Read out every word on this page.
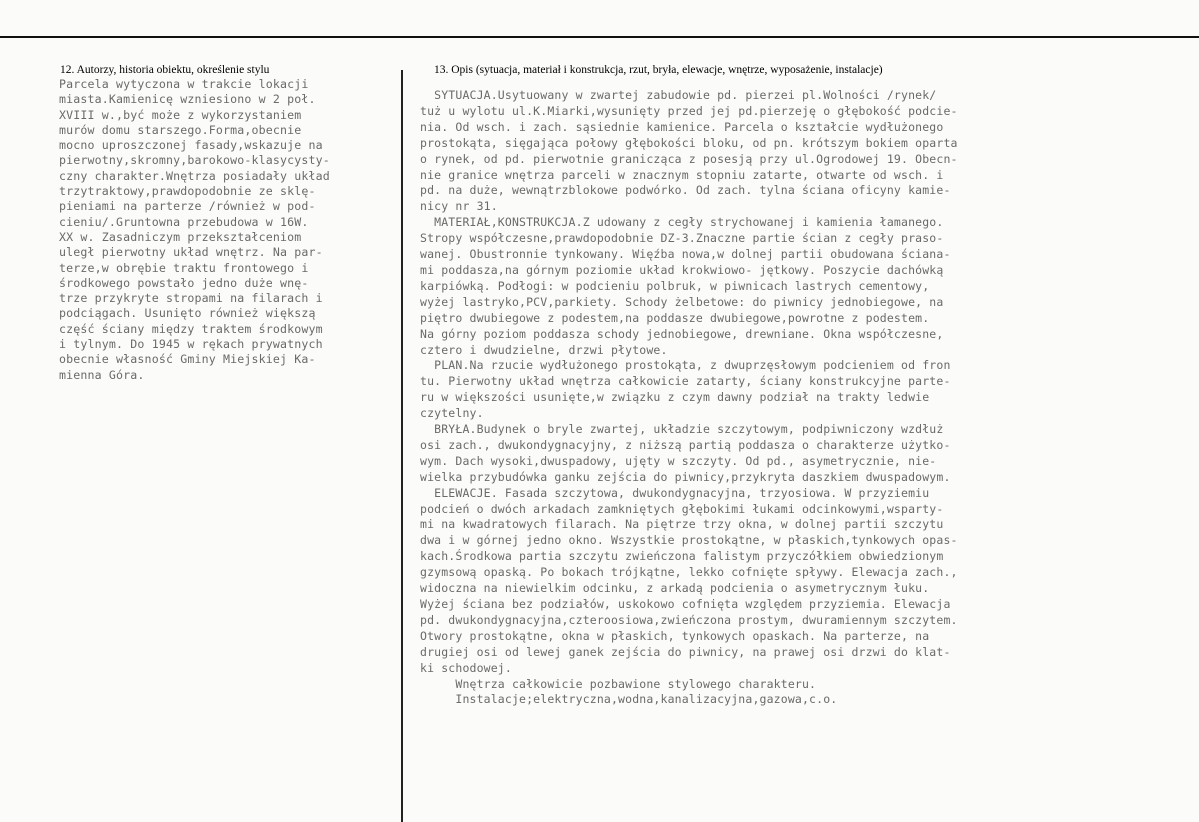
12. Autorzy, historia obiektu, określenie stylu	13. Opis (sytuacja, materiał i konstrukcja, rzut, bryła, elewacje, wnętrze, wyposażenie, instalacje)
Parcela wytyczona w trakcie lokacji
miasta.Kamienicę wzniesiono w 2 poł.
XVIII w.,być może z wykorzystaniem
murów domu starszego.Forma,obecnie
mocno uproszczonej fasady,wskazuje na
pierwotny,skromny,barokowo-klasycysty-
czny charakter.Wnętrza posiadały układ
trzytraktowy,prawdopodobnie ze sklę-
pieniami na parterze /również w pod-
cieniu/.Gruntowna przebudowa w 16W.
XX w. Zasadniczym przekształceniom
uległ pierwotny układ wnętrz. Na par-
terze,w obrębie traktu frontowego i
środkowego powstało jedno duże wnę-
trze przykryte stropami na filarach i
podciągach. Usunięto również większą
część ściany między traktem środkowym
i tylnym. Do 1945 w rękach prywatnych
obecnie własność Gminy Miejskiej Ka-
mienna Góra.
SYTUACJA.Usytuowany w zwartej zabudowie pd. pierzei pl.Wolności /rynek/
tuż u wylotu ul.K.Miarki,wysunięty przed jej pd.pierzeję o głębokość podcie-
nia. Od wsch. i zach. sąsiednie kamienice. Parcela o kształcie wydłużonego
prostokąta, sięgająca połowy głębokości bloku, od pn. krótszym bokiem oparta
o rynek, od pd. pierwotnie granicząca z posesją przy ul.Ogrodowej 19. Obecn-
nie granice wnętrza parceli w znacznym stopniu zatarte, otwarte od wsch. i
pd. na duże, wewnątrzblokowe podwórko. Od zach. tylna ściana oficyny kamie-
nicy nr 31.
MATERIAŁ,KONSTRUKCJA.Z udowany z cegły strychowanej i kamienia łamanego.
Stropy współczesne,prawdopodobnie DZ-3.Znaczne partie ścian z cegły praso-
wanej. Obustronnie tynkowany. Więźba nowa,w dolnej partii obudowana ściana-
mi poddasza,na górnym poziomie układ krokwiowo- jętkowy. Poszycie dachówką
karpiówką. Podłogi: w podcieniu polbruk, w piwnicach lastrych cementowy,
wyżej lastryko,PCV,parkiety. Schody żelbetowe: do piwnicy jednobiegowe, na
piętro dwubiegowe z podestem,na poddasze dwubiegowe,powrotne z podestem.
Na górny poziom poddasza schody jednobiegowe, drewniane. Okna współczesne,
cztero i dwudzielne, drzwi płytowe.
PLAN.Na rzucie wydłużonego prostokąta, z dwuprzęsłowym podcieniem od fron
tu. Pierwotny układ wnętrza całkowicie zatarty, ściany konstrukcyjne parte-
ru w większości usunięte,w związku z czym dawny podział na trakty ledwie
czytelny.
BRYŁA.Budynek o bryle zwartej, układzie szczytowym, podpiwniczony wzdłuż
osi zach., dwukondygnacyjny, z niższą partią poddasza o charakterze użytko-
wym. Dach wysoki,dwuspadowy, ujęty w szczyty. Od pd., asymetrycznie, nie-
wielka przybudówka ganku zejścia do piwnicy,przykryta daszkiem dwuspadowym.
ELEWACJE. Fasada szczytowa, dwukondygnacyjna, trzyosiowa. W przyziemiu
podcień o dwóch arkadach zamkniętych głębokimi łukami odcinkowymi,wsparty-
mi na kwadratowych filarach. Na piętrze trzy okna, w dolnej partii szczytu
dwa i w górnej jedno okno. Wszystkie prostokątne, w płaskich,tynkowych opas-
kach.Środkowa partia szczytu zwieńczona falistym przyczółkiem obwiedzionym
gzymsową opaską. Po bokach trójkątne, lekko cofnięte spływy. Elewacja zach.,
widoczna na niewielkim odcinku, z arkadą podcienia o asymetrycznym łuku.
Wyżej ściana bez podziałów, uskokowo cofnięta względem przyziemia. Elewacja
pd. dwukondygnacyjna,czteroosiowa,zwieńczona prostym, dwuramiennym szczytem.
Otwory prostokątne, okna w płaskich, tynkowych opaskach. Na parterze, na
drugiej osi od lewej ganek zejścia do piwnicy, na prawej osi drzwi do klat-
ki schodowej.
Wnętrza całkowicie pozbawione stylowego charakteru.
Instalacje;elektryczna,wodna,kanalizacyjna,gazowa,c.o.
